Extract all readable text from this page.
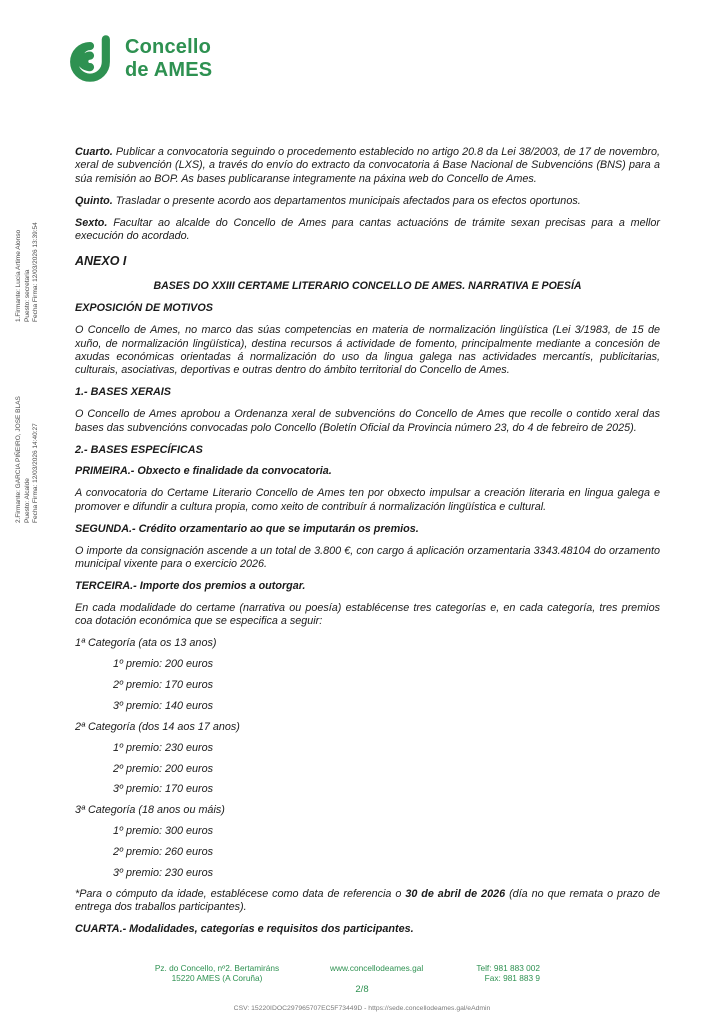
Concello
de AMES
1.Firmante: Lucía Artime Alonso Puesto: secretaria Fecha Firma: 12/03/2026 13:39:54
2.Firmante: GARCIA PIÑEIRO, JOSE BLAS Puesto: Alcalde Fecha Firma: 12/03/2026 14:40:27

Cuarto. Publicar a convocatoria seguindo o procedemento establecido no artigo 20.8 da Lei 38/2003, de 17 de novembro, xeral de subvención (LXS), a través do envío do extracto da convocatoria á Base Nacional de Subvencións (BNS) para a súa remisión ao BOP. As bases publicaranse integramente na páxina web do Concello de Ames.

Quinto. Trasladar o presente acordo aos departamentos municipais afectados para os efectos oportunos.

Sexto. Facultar ao alcalde do Concello de Ames para cantas actuacións de trámite sexan precisas para a mellor execución do acordado.

ANEXO I

BASES DO XXIII CERTAME LITERARIO CONCELLO DE AMES. NARRATIVA E POESÍA

EXPOSICIÓN DE MOTIVOS

O Concello de Ames, no marco das súas competencias en materia de normalización lingüística (Lei 3/1983, de 15 de xuño, de normalización lingüística), destina recursos á actividade de fomento, principalmente mediante a concesión de axudas económicas orientadas á normalización do uso da lingua galega nas actividades mercantís, publicitarias, culturais, asociativas, deportivas e outras dentro do ámbito territorial do Concello de Ames.

1.- BASES XERAIS

O Concello de Ames aprobou a Ordenanza xeral de subvencións do Concello de Ames que recolle o contido xeral das bases das subvencións convocadas polo Concello (Boletín Oficial da Provincia número 23, do 4 de febreiro de 2025).

2.- BASES ESPECÍFICAS

PRIMEIRA.- Obxecto e finalidade da convocatoria.

A convocatoria do Certame Literario Concello de Ames ten por obxecto impulsar a creación literaria en lingua galega e promover e difundir a cultura propia, como xeito de contribuír á normalización lingüística e cultural.

SEGUNDA.- Crédito orzamentario ao que se imputarán os premios.

O importe da consignación ascende a un total de 3.800 €, con cargo á aplicación orzamentaria 3343.48104 do orzamento municipal vixente para o exercicio 2026.

TERCEIRA.- Importe dos premios a outorgar.

En cada modalidade do certame (narrativa ou poesía) establécense tres categorías e, en cada categoría, tres premios coa dotación económica que se especifica a seguir:

1ª Categoría (ata os 13 anos)

1º premio: 200 euros

2º premio: 170 euros

3º premio: 140 euros

2ª Categoría (dos 14 aos 17 anos)

1º premio: 230 euros

2º premio: 200 euros

3º premio: 170 euros

3ª Categoría (18 anos ou máis)

1º premio: 300 euros

2º premio: 260 euros

3º premio: 230 euros

*Para o cómputo da idade, establécese como data de referencia o 30 de abril de 2026 (día no que remata o prazo de entrega dos traballos participantes).

CUARTA.- Modalidades, categorías e requisitos dos participantes.

Pz. do Concello, nº2. Bertamiráns
15220 AMES (A Coruña)
www.concellodeames.gal	Telf: 981 883 002
Fax: 981 883 9
2/8
CSV: 15220IDOC297965707EC5F73449D - https://sede.concellodeames.gal/eAdmin
